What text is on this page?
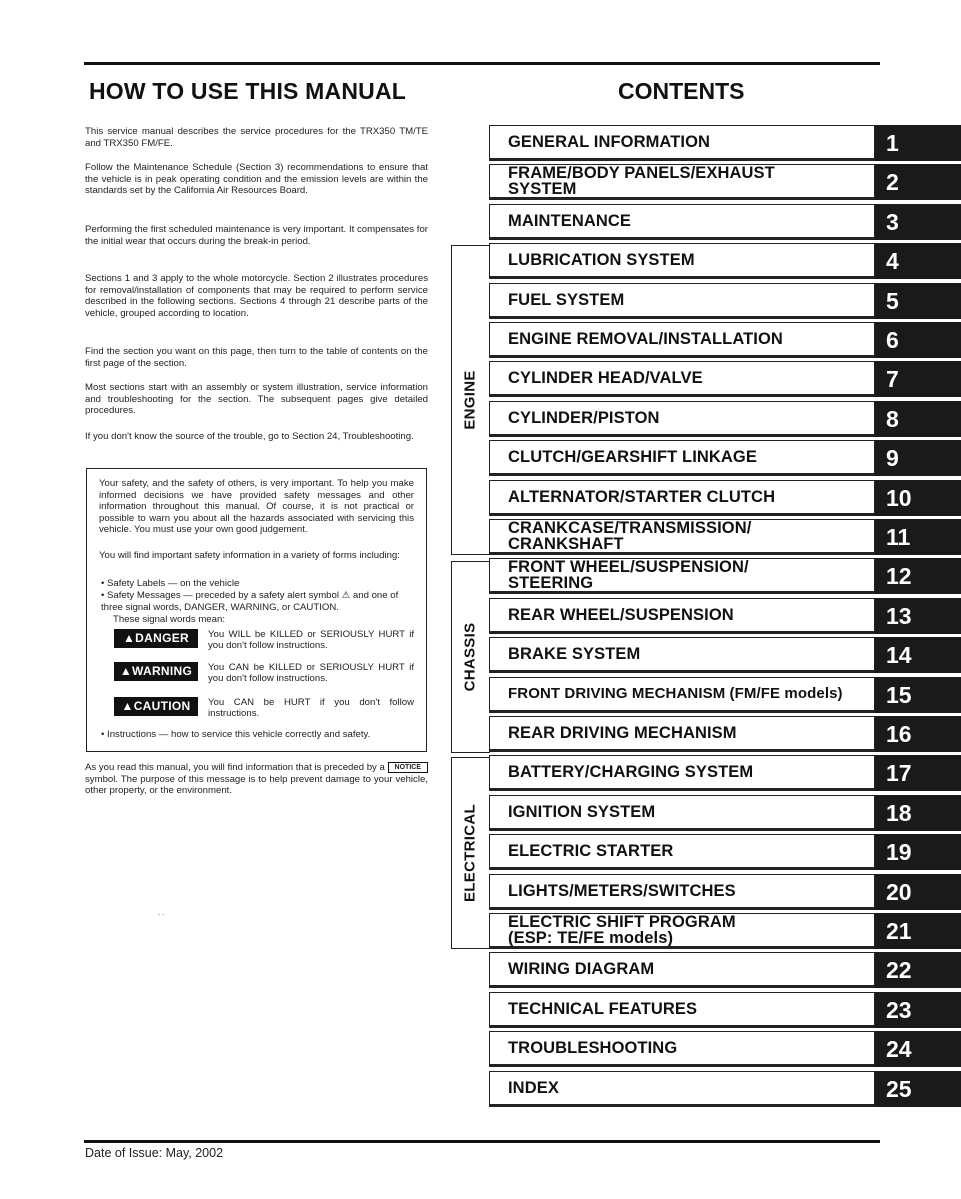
HOW TO USE THIS MANUAL	CONTENTS

This service manual describes the service procedures for the TRX350 TM/TE and TRX350 FM/FE.

Follow the Maintenance Schedule (Section 3) recommendations to ensure that the vehicle is in peak operating condition and the emission levels are within the standards set by the California Air Resources Board.

Performing the first scheduled maintenance is very important. It compensates for the initial wear that occurs during the break-in period.

Sections 1 and 3 apply to the whole motorcycle. Section 2 illustrates procedures for removal/installation of components that may be required to perform service described in the following sections. Sections 4 through 21 describe parts of the vehicle, grouped according to location.

Find the section you want on this page, then turn to the table of contents on the first page of the section.

Most sections start with an assembly or system illustration, service information and troubleshooting for the section. The subsequent pages give detailed procedures.

If you don't know the source of the trouble, go to Section 24, Troubleshooting.

Your safety, and the safety of others, is very important. To help you make informed decisions we have provided safety messages and other information throughout this manual. Of course, it is not practical or possible to warn you about all the hazards associated with servicing this vehicle. You must use your own good judgement.

You will find important safety information in a variety of forms including:

• Safety Labels — on the vehicle

• Safety Messages — preceded by a safety alert symbol ⚠ and one of three signal words, DANGER, WARNING, or CAUTION.

These signal words mean:

▲DANGER	You WILL be KILLED or SERIOUSLY HURT if you don't follow instructions.
▲WARNING	You CAN be KILLED or SERIOUSLY HURT if you don't follow instructions.
▲CAUTION	You CAN be HURT if you don't follow instructions.

• Instructions — how to service this vehicle correctly and safety.

As you read this manual, you will find information that is preceded by a NOTICE symbol. The purpose of this message is to help prevent damage to your vehicle, other property, or the environment.

- -
ENGINE
CHASSIS
ELECTRICAL
GENERAL INFORMATION	1
FRAME/BODY PANELS/EXHAUST
SYSTEM	2
MAINTENANCE	3
LUBRICATION SYSTEM	4
FUEL SYSTEM	5
ENGINE REMOVAL/INSTALLATION	6
CYLINDER HEAD/VALVE	7
CYLINDER/PISTON	8
CLUTCH/GEARSHIFT LINKAGE	9
ALTERNATOR/STARTER CLUTCH	10
CRANKCASE/TRANSMISSION/
CRANKSHAFT	11
FRONT WHEEL/SUSPENSION/
STEERING	12
REAR WHEEL/SUSPENSION	13
BRAKE SYSTEM	14
FRONT DRIVING MECHANISM (FM/FE models)	15
REAR DRIVING MECHANISM	16
BATTERY/CHARGING SYSTEM	17
IGNITION SYSTEM	18
ELECTRIC STARTER	19
LIGHTS/METERS/SWITCHES	20
ELECTRIC SHIFT PROGRAM
(ESP: TE/FE models)	21
WIRING DIAGRAM	22
TECHNICAL FEATURES	23
TROUBLESHOOTING	24
INDEX	25
Date of Issue: May, 2002
